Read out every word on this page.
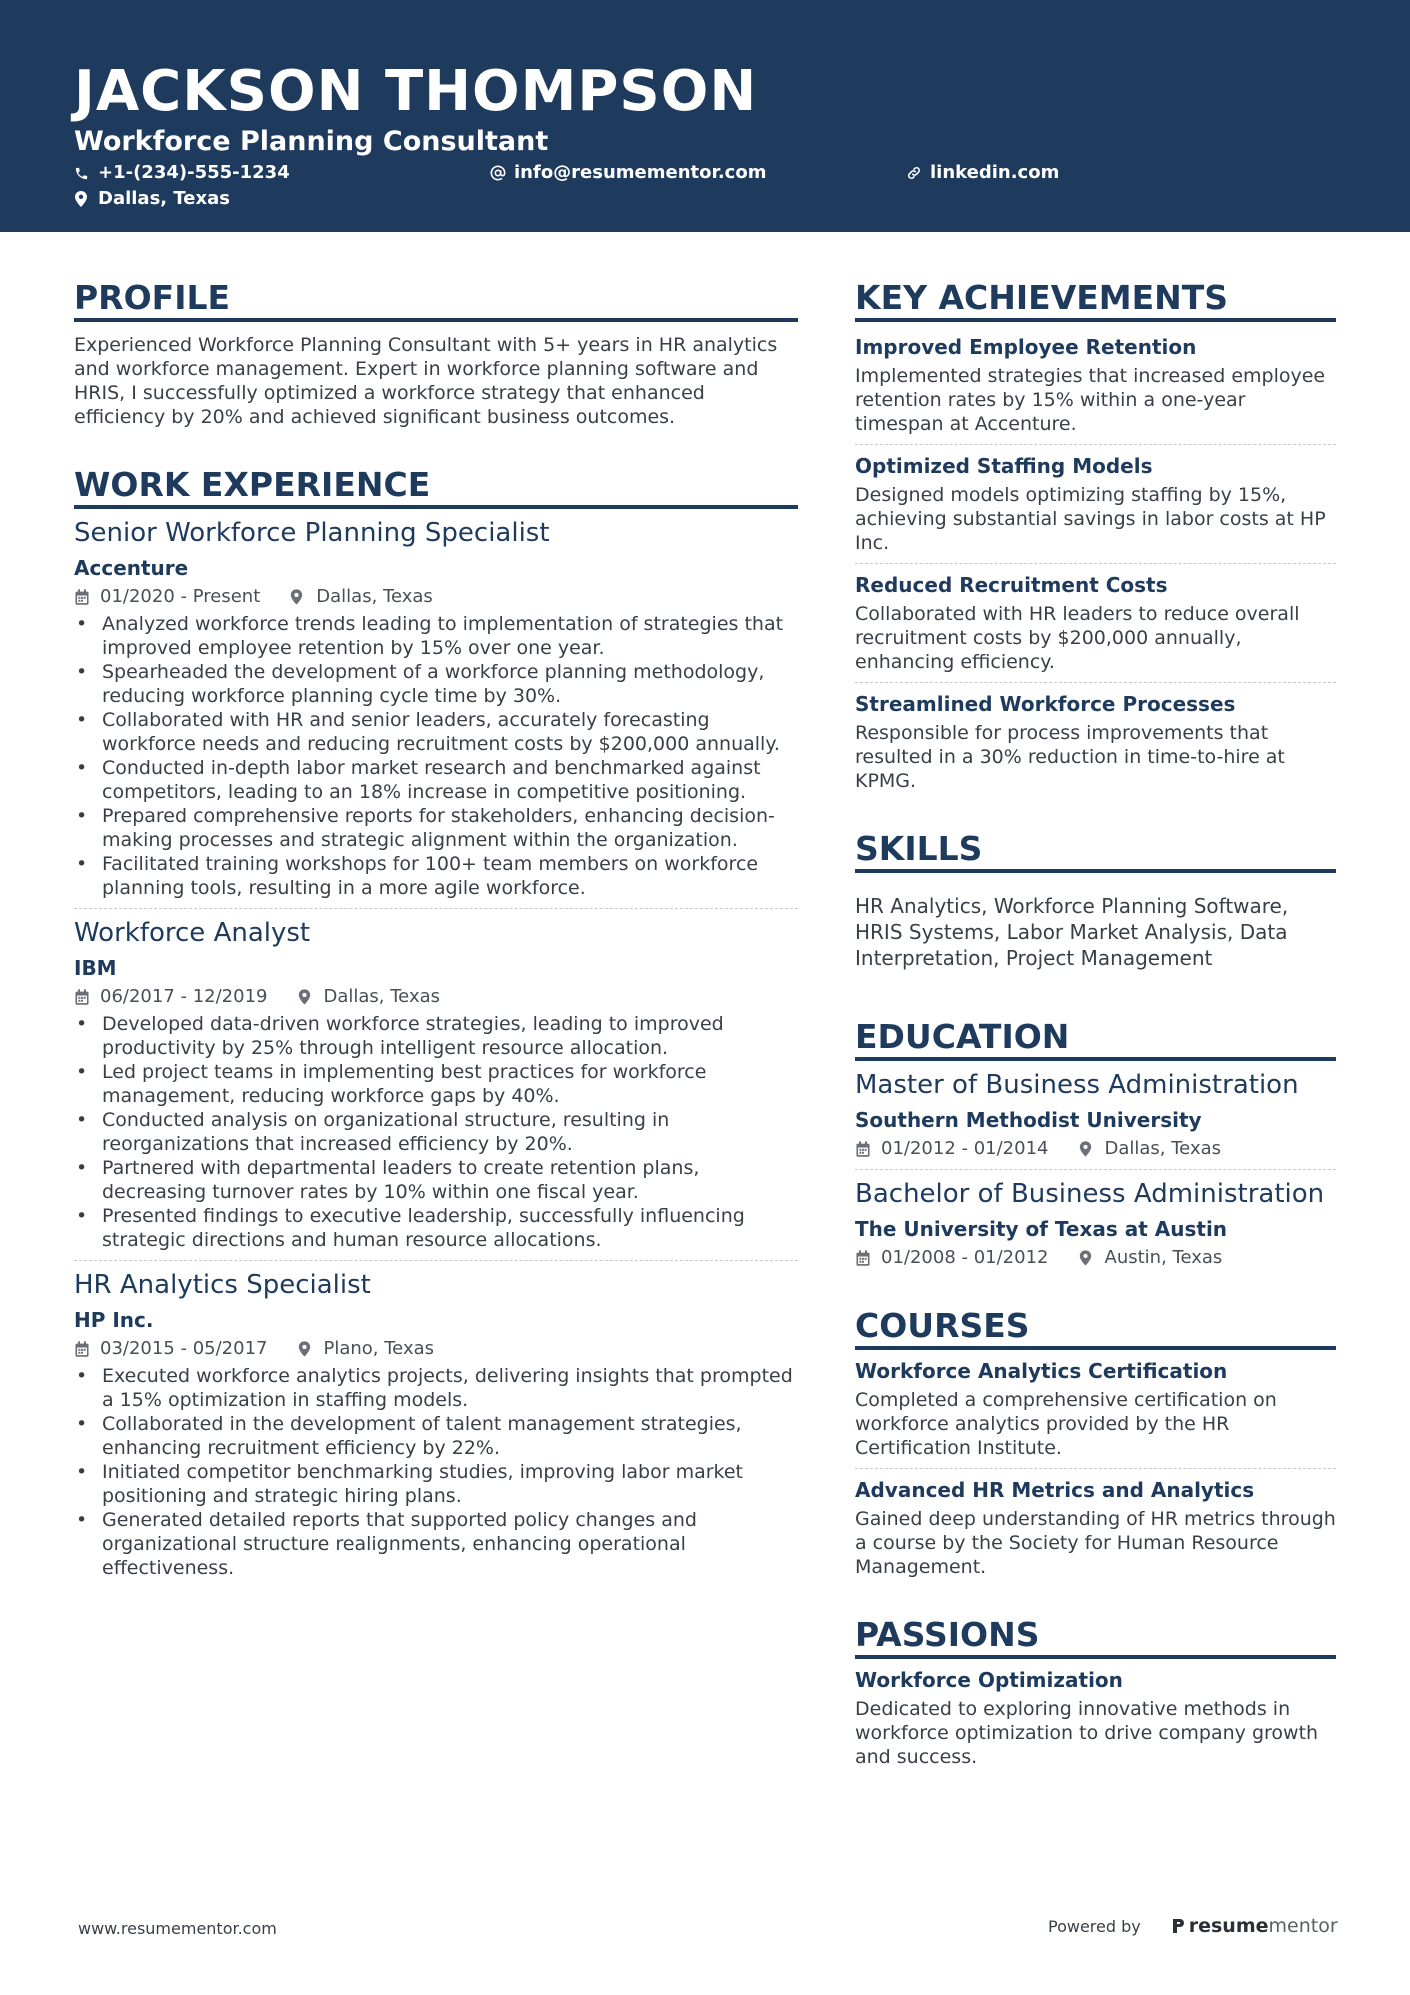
JACKSON THOMPSON
Workforce Planning Consultant
+1-(234)-555-1234	info@resumementor.com	linkedin.com
Dallas, Texas
PROFILE
Experienced Workforce Planning Consultant with 5+ years in HR analytics and workforce management. Expert in workforce planning software and HRIS, I successfully optimized a workforce strategy that enhanced efficiency by 20% and achieved significant business outcomes.
WORK EXPERIENCE
Senior Workforce Planning Specialist
Accenture
01/2020 - Present	Dallas, Texas
• Analyzed workforce trends leading to implementation of strategies that improved employee retention by 15% over one year.
• Spearheaded the development of a workforce planning methodology, reducing workforce planning cycle time by 30%.
• Collaborated with HR and senior leaders, accurately forecasting workforce needs and reducing recruitment costs by $200,000 annually.
• Conducted in-depth labor market research and benchmarked against competitors, leading to an 18% increase in competitive positioning.
• Prepared comprehensive reports for stakeholders, enhancing decision-making processes and strategic alignment within the organization.
• Facilitated training workshops for 100+ team members on workforce planning tools, resulting in a more agile workforce.
Workforce Analyst
IBM
06/2017 - 12/2019	Dallas, Texas
• Developed data-driven workforce strategies, leading to improved productivity by 25% through intelligent resource allocation.
• Led project teams in implementing best practices for workforce management, reducing workforce gaps by 40%.
• Conducted analysis on organizational structure, resulting in reorganizations that increased efficiency by 20%.
• Partnered with departmental leaders to create retention plans, decreasing turnover rates by 10% within one fiscal year.
• Presented findings to executive leadership, successfully influencing strategic directions and human resource allocations.
HR Analytics Specialist
HP Inc.
03/2015 - 05/2017	Plano, Texas
• Executed workforce analytics projects, delivering insights that prompted a 15% optimization in staffing models.
• Collaborated in the development of talent management strategies, enhancing recruitment efficiency by 22%.
• Initiated competitor benchmarking studies, improving labor market positioning and strategic hiring plans.
• Generated detailed reports that supported policy changes and organizational structure realignments, enhancing operational effectiveness.
KEY ACHIEVEMENTS
Improved Employee Retention
Implemented strategies that increased employee retention rates by 15% within a one-year timespan at Accenture.
Optimized Staffing Models
Designed models optimizing staffing by 15%, achieving substantial savings in labor costs at HP Inc.
Reduced Recruitment Costs
Collaborated with HR leaders to reduce overall recruitment costs by $200,000 annually, enhancing efficiency.
Streamlined Workforce Processes
Responsible for process improvements that resulted in a 30% reduction in time-to-hire at KPMG.
SKILLS
HR Analytics, Workforce Planning Software, HRIS Systems, Labor Market Analysis, Data Interpretation, Project Management
EDUCATION
Master of Business Administration
Southern Methodist University
01/2012 - 01/2014	Dallas, Texas
Bachelor of Business Administration
The University of Texas at Austin
01/2008 - 01/2012	Austin, Texas
COURSES
Workforce Analytics Certification
Completed a comprehensive certification on workforce analytics provided by the HR Certification Institute.
Advanced HR Metrics and Analytics
Gained deep understanding of HR metrics through a course by the Society for Human Resource Management.
PASSIONS
Workforce Optimization
Dedicated to exploring innovative methods in workforce optimization to drive company growth and success.
www.resumementor.com	Powered by	resume mentor
